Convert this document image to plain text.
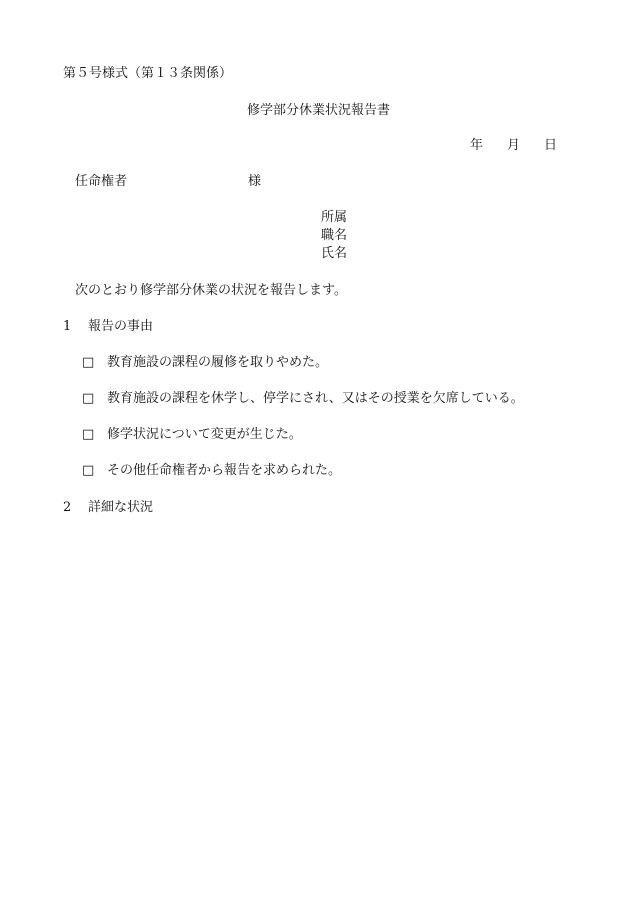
第５号様式（第１３条関係）
修学部分休業状況報告書
年 月 日
任命権者	様
所属
職名
氏名
次のとおり修学部分休業の状況を報告します。
1 報告の事由
□ 教育施設の課程の履修を取りやめた。
□ 教育施設の課程を休学し、停学にされ、又はその授業を欠席している。
□ 修学状況について変更が生じた。
□ その他任命権者から報告を求められた。
2 詳細な状況
